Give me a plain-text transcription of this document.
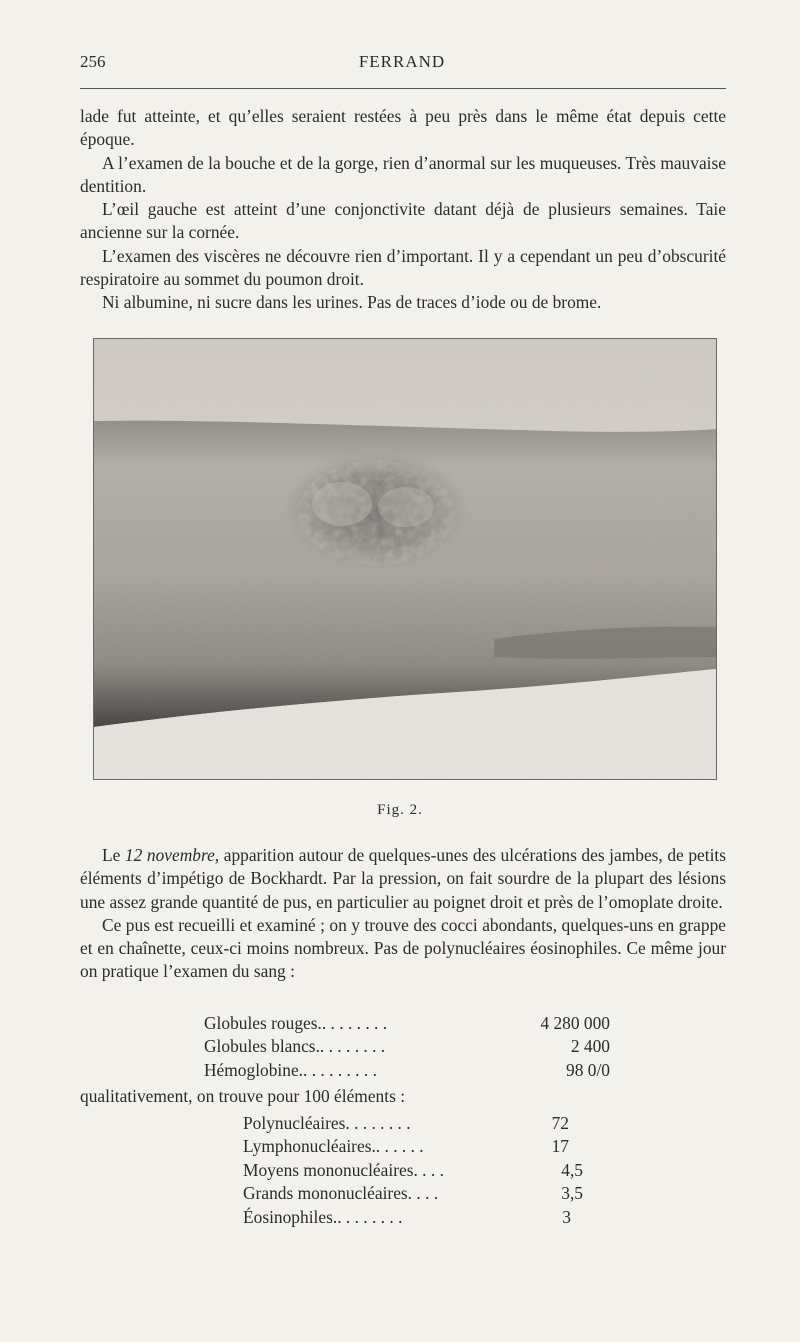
256	FERRAND

lade fut atteinte, et qu’elles seraient restées à peu près dans le même état depuis cette époque.

A l’examen de la bouche et de la gorge, rien d’anormal sur les muqueuses. Très mauvaise dentition.

L’œil gauche est atteint d’une conjonctivite datant déjà de plusieurs semaines. Taie ancienne sur la cornée.

L’examen des viscères ne découvre rien d’important. Il y a cependant un peu d’obscurité respiratoire au sommet du poumon droit.

Ni albumine, ni sucre dans les urines. Pas de traces d’iode ou de brome.

Fig. 2.

Le 12 novembre, apparition autour de quelques-unes des ulcérations des jambes, de petits éléments d’impétigo de Bockhardt. Par la pression, on fait sourdre de la plupart des lésions une assez grande quantité de pus, en particulier au poignet droit et près de l’omoplate droite.

Ce pus est recueilli et examiné ; on y trouve des cocci abondants, quelques-uns en grappe et en chaînette, ceux-ci moins nombreux. Pas de polynucléaires éosinophiles. Ce même jour on pratique l’examen du sang :

Globules rouges.. . . . . . . .	4 280 000
Globules blancs.. . . . . . . .	2 400
Hémoglobine.. . . . . . . . .	98 0/0

qualitativement, on trouve pour 100 éléments :

Polynucléaires. . . . . . . .	72
Lymphonucléaires.. . . . . .	17
Moyens mononucléaires. . . .	4,5
Grands mononucléaires. . . .	3,5
Éosinophiles.. . . . . . . .	3
